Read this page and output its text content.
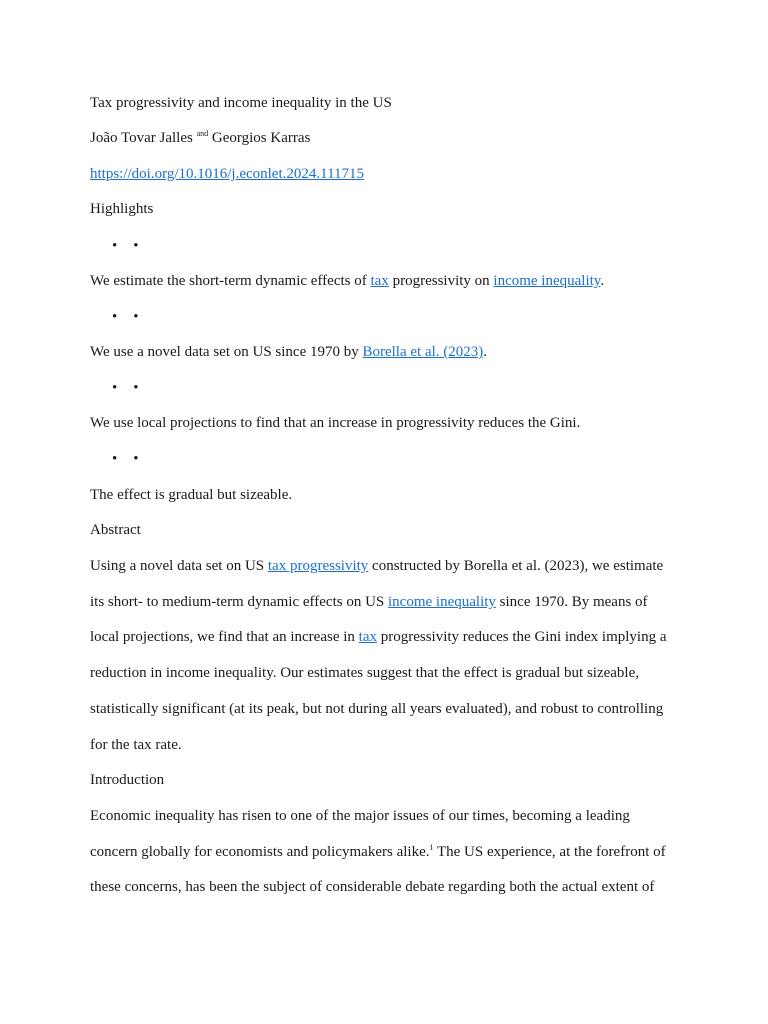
Tax progressivity and income inequality in the US
João Tovar Jalles $^{and}$ Georgios Karras
https://doi.org/10.1016/j.econlet.2024.111715
Highlights
• •
We estimate the short-term dynamic effects of tax progressivity on income inequality.
• •
We use a novel data set on US since 1970 by Borella et al. (2023).
• •
We use local projections to find that an increase in progressivity reduces the Gini.
• •
The effect is gradual but sizeable.
Abstract
Using a novel data set on US tax progressivity constructed by Borella et al. (2023), we estimate
its short- to medium-term dynamic effects on US income inequality since 1970. By means of
local projections, we find that an increase in tax progressivity reduces the Gini index implying a
reduction in income inequality. Our estimates suggest that the effect is gradual but sizeable,
statistically significant (at its peak, but not during all years evaluated), and robust to controlling
for the tax rate.
Introduction
Economic inequality has risen to one of the major issues of our times, becoming a leading
concern globally for economists and policymakers alike.$^1$ The US experience, at the forefront of
these concerns, has been the subject of considerable debate regarding both the actual extent of
